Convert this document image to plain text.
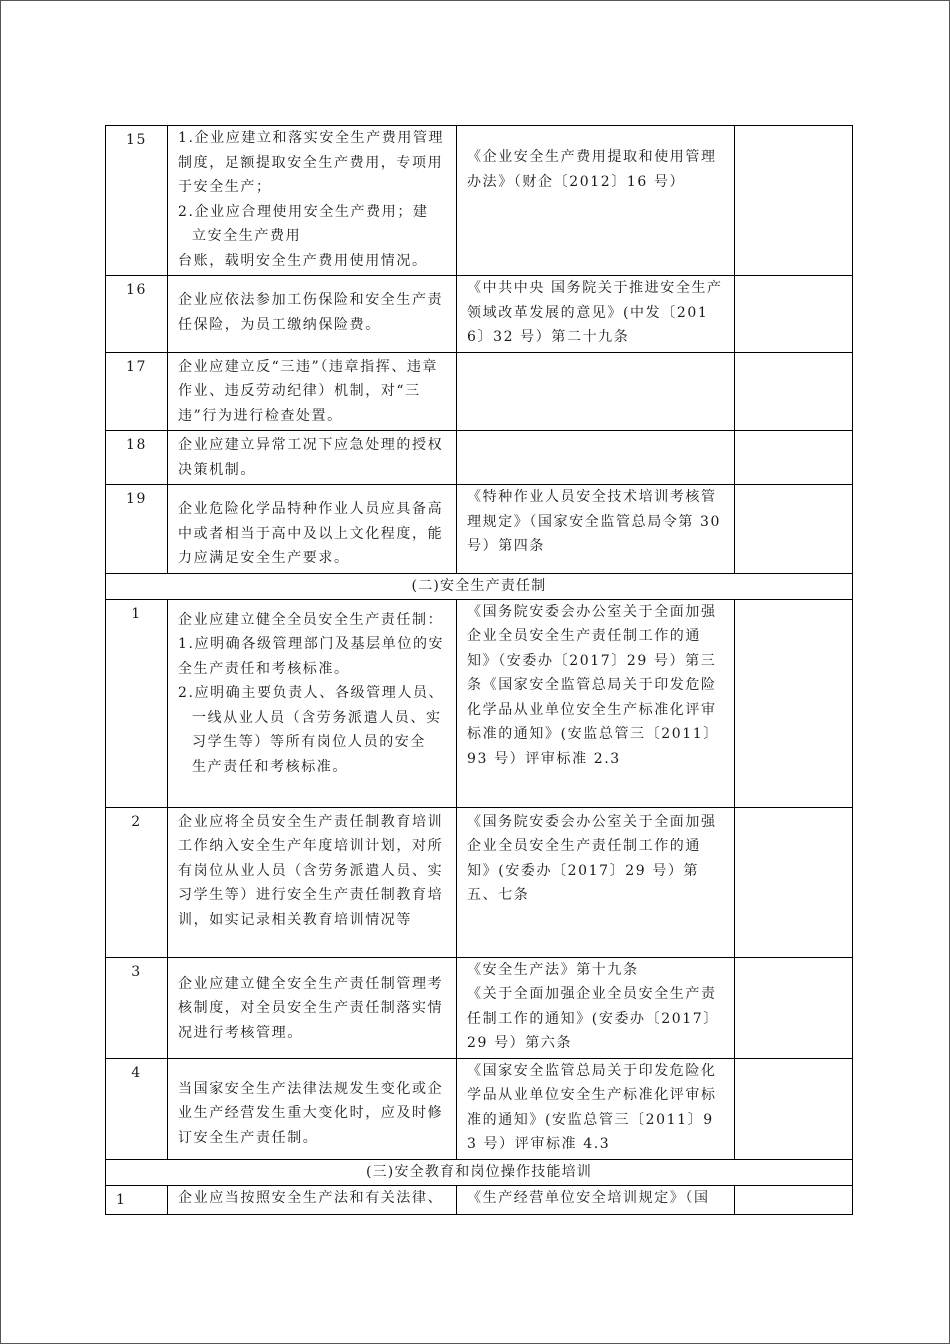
15	1.企业应建立和落实安全生产费用管理制度，足额提取安全生产费用，专项用于安全生产；
2.企业应合理使用安全生产费用；建
立安全生产费用
台账，载明安全生产费用使用情况。	《企业安全生产费用提取和使用管理办法》（财企〔2012〕16 号）	

16	企业应依法参加工伤保险和安全生产责任保险，为员工缴纳保险费。	《中共中央 国务院关于推进安全生产领域改革发展的意见》(中发〔2016〕32 号）第二十九条	

17	企业应建立反“三违”（违章指挥、违章作业、违反劳动纪律）机制，对“三违”行为进行检查处置。		

18	企业应建立异常工况下应急处理的授权决策机制。		

19	企业危险化学品特种作业人员应具备高中或者相当于高中及以上文化程度，能力应满足安全生产要求。	《特种作业人员安全技术培训考核管理规定》（国家安全监管总局令第 30 号）第四条	

(二)安全生产责任制			
1	企业应建立健全全员安全生产责任制：
1.应明确各级管理部门及基层单位的安全生产责任和考核标准。
2.应明确主要负责人、各级管理人员、
一线从业人员（含劳务派遣人员、实习学生等）等所有岗位人员的安全
生产责任和考核标准。	《国务院安委会办公室关于全面加强企业全员安全生产责任制工作的通知》（安委办〔2017〕29 号）第三条《国家安全监管总局关于印发危险化学品从业单位安全生产标准化评审标准的通知》(安监总管三〔2011〕93 号）评审标准 2.3	

2	企业应将全员安全生产责任制教育培训工作纳入安全生产年度培训计划，对所有岗位从业人员（含劳务派遣人员、实习学生等）进行安全生产责任制教育培训，如实记录相关教育培训情况等	《国务院安委会办公室关于全面加强企业全员安全生产责任制工作的通知》(安委办〔2017〕29 号）第五、七条	

3	企业应建立健全安全生产责任制管理考核制度，对全员安全生产责任制落实情况进行考核管理。	《安全生产法》第十九条
《关于全面加强企业全员安全生产责任制工作的通知》(安委办〔2017〕29 号）第六条	

4	当国家安全生产法律法规发生变化或企业生产经营发生重大变化时，应及时修订安全生产责任制。	《国家安全监管总局关于印发危险化学品从业单位安全生产标准化评审标准的通知》(安监总管三〔2011〕93 号）评审标准 4.3	

(三)安全教育和岗位操作技能培训			
1	企业应当按照安全生产法和有关法律、	《生产经营单位安全培训规定》（国	
